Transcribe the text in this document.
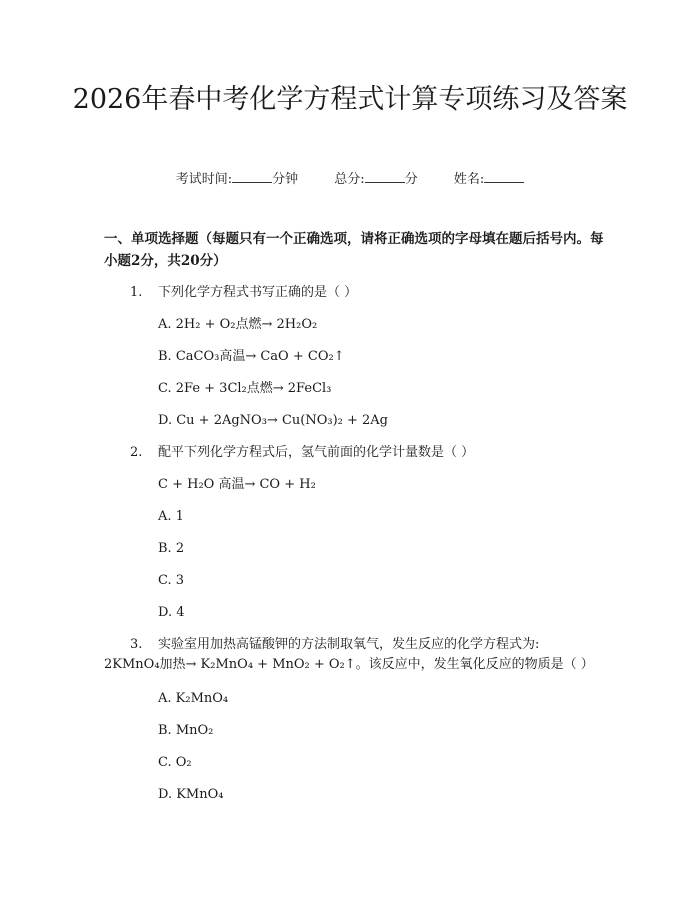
2026年春中考化学方程式计算专项练习及答案
考试时间:	分钟	总分:	分	姓名:
一、单项选择题（每题只有一个正确选项，请将正确选项的字母填在题后括号内。每小题2分，共20分）
1. 下列化学方程式书写正确的是（ ）
A. 2H₂ + O₂点燃→ 2H₂O₂
B. CaCO₃高温→ CaO + CO₂↑
C. 2Fe + 3Cl₂点燃→ 2FeCl₃
D. Cu + 2AgNO₃→ Cu(NO₃)₂ + 2Ag
2. 配平下列化学方程式后，氢气前面的化学计量数是（ ）
C + H₂O 高温→ CO + H₂
A. 1
B. 2
C. 3
D. 4
3. 实验室用加热高锰酸钾的方法制取氧气，发生反应的化学方程式为:
2KMnO₄加热→ K₂MnO₄ + MnO₂ + O₂↑。该反应中，发生氧化反应的物质是（ ）
A. K₂MnO₄
B. MnO₂
C. O₂
D. KMnO₄
